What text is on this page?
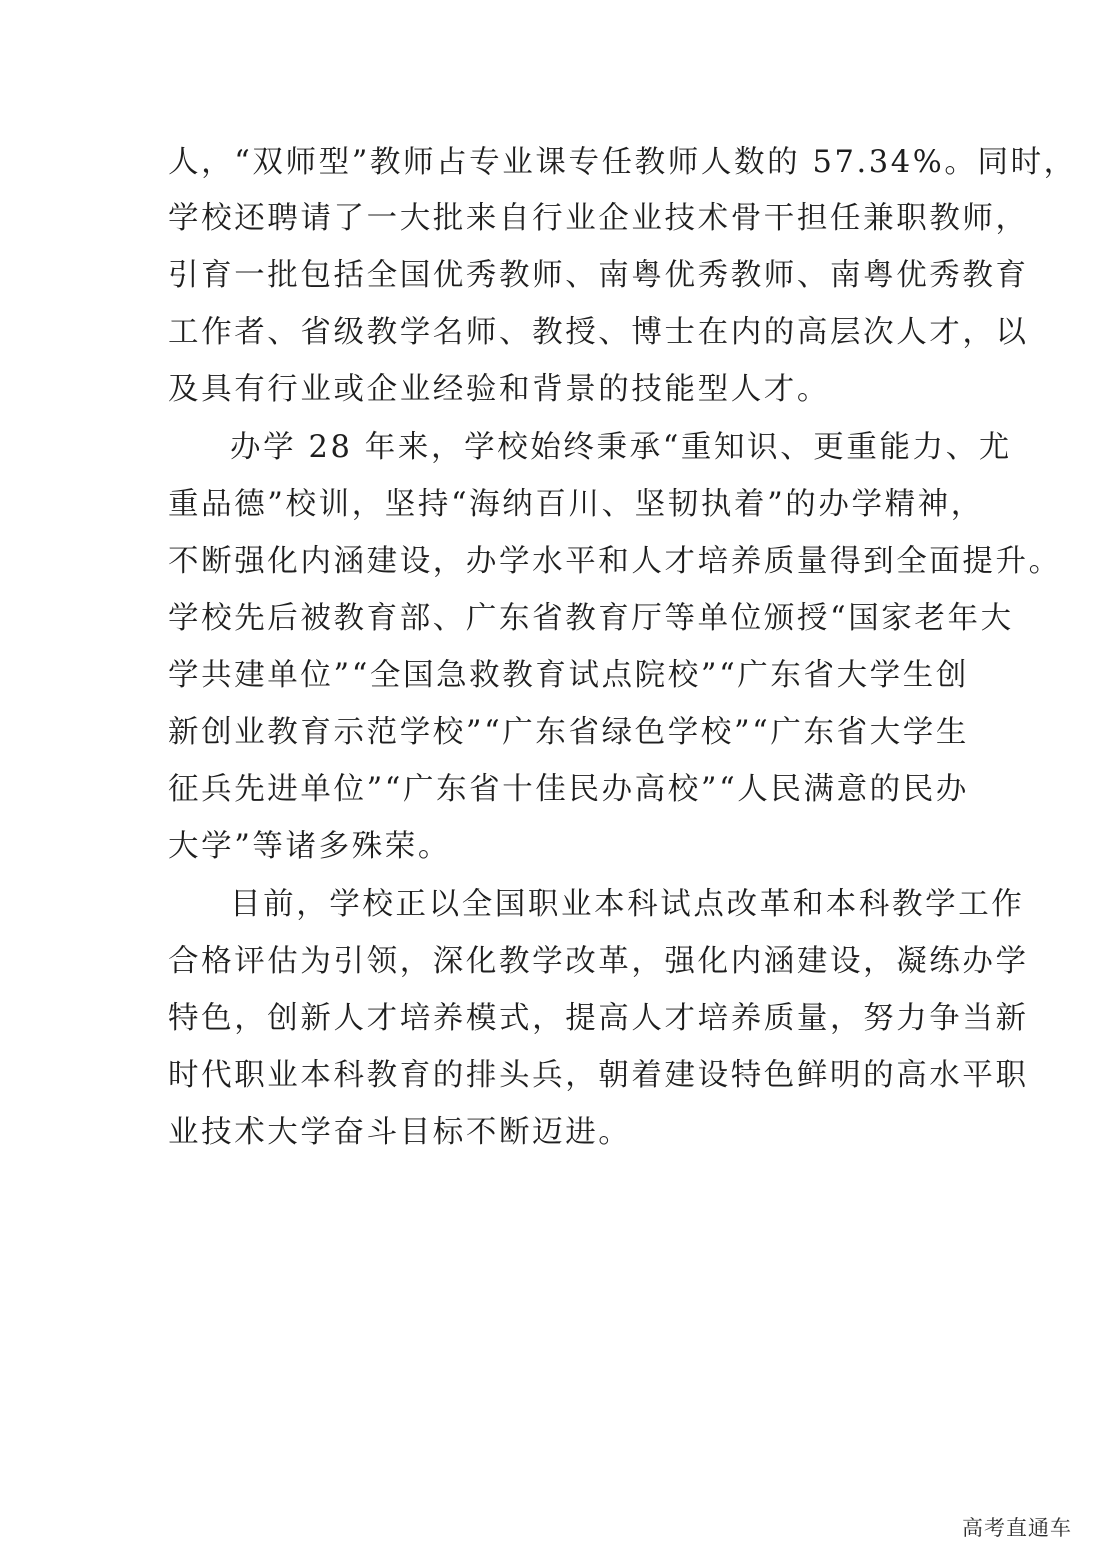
人，“双师型”教师占专业课专任教师人数的 57.34%。同时，
学校还聘请了一大批来自行业企业技术骨干担任兼职教师，
引育一批包括全国优秀教师、南粤优秀教师、南粤优秀教育
工作者、省级教学名师、教授、博士在内的高层次人才，以
及具有行业或企业经验和背景的技能型人才。
办学 28 年来，学校始终秉承“重知识、更重能力、尤
重品德”校训，坚持“海纳百川、坚韧执着”的办学精神，
不断强化内涵建设，办学水平和人才培养质量得到全面提升。
学校先后被教育部、广东省教育厅等单位颁授“国家老年大
学共建单位”“全国急救教育试点院校”“广东省大学生创
新创业教育示范学校”“广东省绿色学校”“广东省大学生
征兵先进单位”“广东省十佳民办高校”“人民满意的民办
大学”等诸多殊荣。
目前，学校正以全国职业本科试点改革和本科教学工作
合格评估为引领，深化教学改革，强化内涵建设，凝练办学
特色，创新人才培养模式，提高人才培养质量，努力争当新
时代职业本科教育的排头兵，朝着建设特色鲜明的高水平职
业技术大学奋斗目标不断迈进。
高考直通车
